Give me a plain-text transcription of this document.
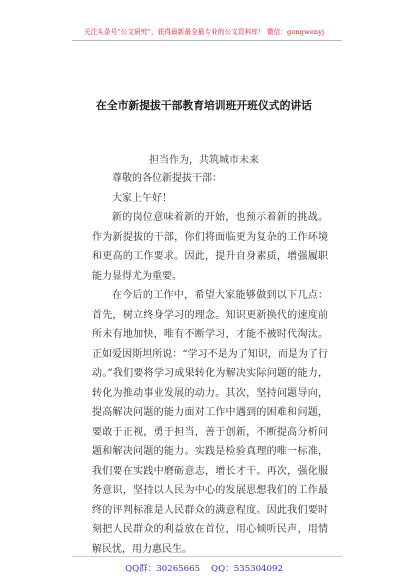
关注头条号“公文研究”，获得最新最全最专业的公文资料库！ 微信：gongwenyj
在全市新提拔干部教育培训班开班仪式的讲话
担当作为，共筑城市未来

尊敬的各位新提拔干部：

大家上午好！

新的岗位意味着新的开始，也预示着新的挑战。作为新提拔的干部，你们将面临更为复杂的工作环境和更高的工作要求。因此，提升自身素质，增强履职能力显得尤为重要。

在今后的工作中，希望大家能够做到以下几点：首先，树立终身学习的理念。知识更新换代的速度前所未有地加快，唯有不断学习，才能不被时代淘汰。正如爱因斯坦所说：“学习不是为了知识，而是为了行动。”我们要将学习成果转化为解决实际问题的能力，转化为推动事业发展的动力。其次，坚持问题导向，提高解决问题的能力面对工作中遇到的困难和问题，要敢于正视，勇于担当，善于创新，不断提高分析问题和解决问题的能力。实践是检验真理的唯一标准，我们要在实践中磨砺意志，增长才干。再次，强化服务意识，坚持以人民为中心的发展思想我们的工作最终的评判标准是人民群众的满意程度。因此我们要时刻把人民群众的利益放在首位，用心倾听民声，用情解民忧，用力惠民生。

QQ群：30265665 QQ：535304092
